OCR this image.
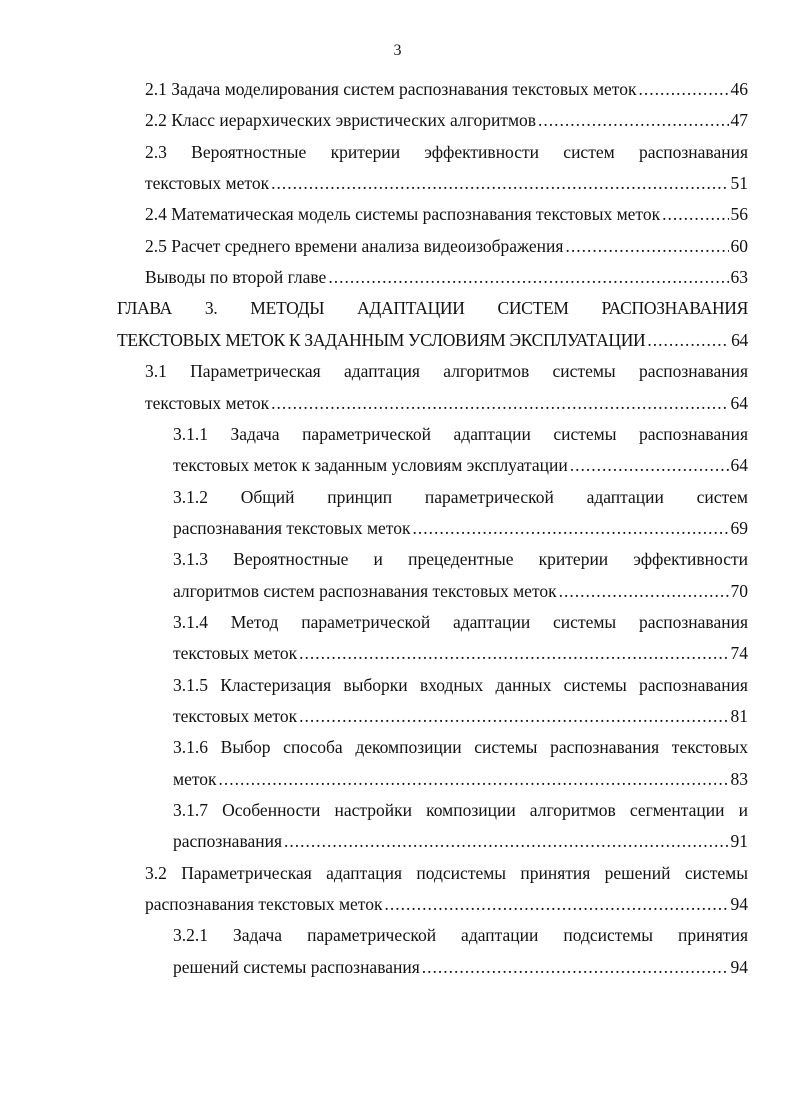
3
2.1 Задача моделирования систем распознавания текстовых меток .....	46
2.2 Класс иерархических эвристических алгоритмов .....	47
2.3 Вероятностные критерии эффективности систем распознавания
текстовых меток .....	51
2.4 Математическая модель системы распознавания текстовых меток .....	56
2.5 Расчет среднего времени анализа видеоизображения .....	60
Выводы по второй главе .....	63
ГЛАВА 3. МЕТОДЫ АДАПТАЦИИ СИСТЕМ РАСПОЗНАВАНИЯ
ТЕКСТОВЫХ МЕТОК К ЗАДАННЫМ УСЛОВИЯМ ЭКСПЛУАТАЦИИ .....	64
3.1 Параметрическая адаптация алгоритмов системы распознавания
текстовых меток .....	64
3.1.1 Задача параметрической адаптации системы распознавания
текстовых меток к заданным условиям эксплуатации .....	64
3.1.2 Общий принцип параметрической адаптации систем
распознавания текстовых меток .....	69
3.1.3 Вероятностные и прецедентные критерии эффективности
алгоритмов систем распознавания текстовых меток .....	70
3.1.4 Метод параметрической адаптации системы распознавания
текстовых меток .....	74
3.1.5 Кластеризация выборки входных данных системы распознавания
текстовых меток .....	81
3.1.6 Выбор способа декомпозиции системы распознавания текстовых
меток .....	83
3.1.7 Особенности настройки композиции алгоритмов сегментации и
распознавания .....	91
3.2 Параметрическая адаптация подсистемы принятия решений системы
распознавания текстовых меток .....	94
3.2.1 Задача параметрической адаптации подсистемы принятия
решений системы распознавания .....	94
